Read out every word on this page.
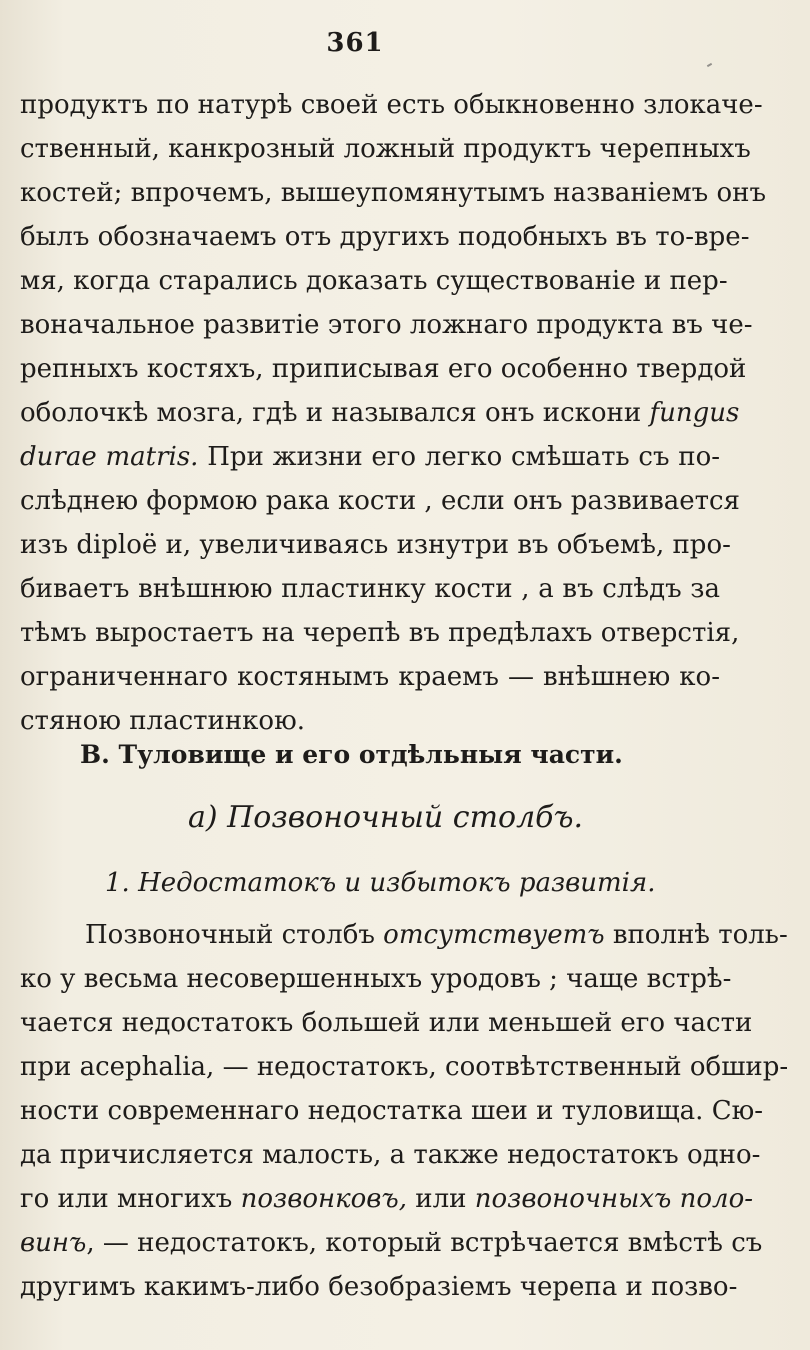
361
продуктъ по натурѣ своей есть обыкновенно злокаче-
ственный, канкрозный ложный продуктъ черепныхъ
костей; впрочемъ, вышеупомянутымъ названіемъ онъ
былъ обозначаемъ отъ другихъ подобныхъ въ то-вре-
мя, когда старались доказать существованіе и пер-
воначальное развитіе этого ложнаго продукта въ че-
репныхъ костяхъ, приписывая его особенно твердой
оболочкѣ мозга, гдѣ и назывался онъ искони fungus
durae matris. При жизни его легко смѣшать съ по-
слѣднею формою рака кости , если онъ развивается
изъ diploë и, увеличиваясь изнутри въ объемѣ, про-
биваетъ внѣшнюю пластинку кости , а въ слѣдъ за
тѣмъ выростаетъ на черепѣ въ предѣлахъ отверстія,
ограниченнаго костянымъ краемъ — внѣшнею ко-
стяною пластинкою.
B. Туловище и его отдѣльныя части.
a) Позвоночный столбъ.
1. Недостатокъ и избытокъ развитія.
Позвоночный столбъ отсутствуетъ вполнѣ толь-
ко у весьма несовершенныхъ уродовъ ; чаще встрѣ-
чается недостатокъ большей или меньшей его части
при acephalia, — недостатокъ, соотвѣтственный обшир-
ности современнаго недостатка шеи и туловища. Сю-
да причисляется малость, а также недостатокъ одно-
го или многихъ позвонковъ, или позвоночныхъ поло-
винъ, — недостатокъ, который встрѣчается вмѣстѣ съ
другимъ какимъ-либо безобразіемъ черепа и позво-
